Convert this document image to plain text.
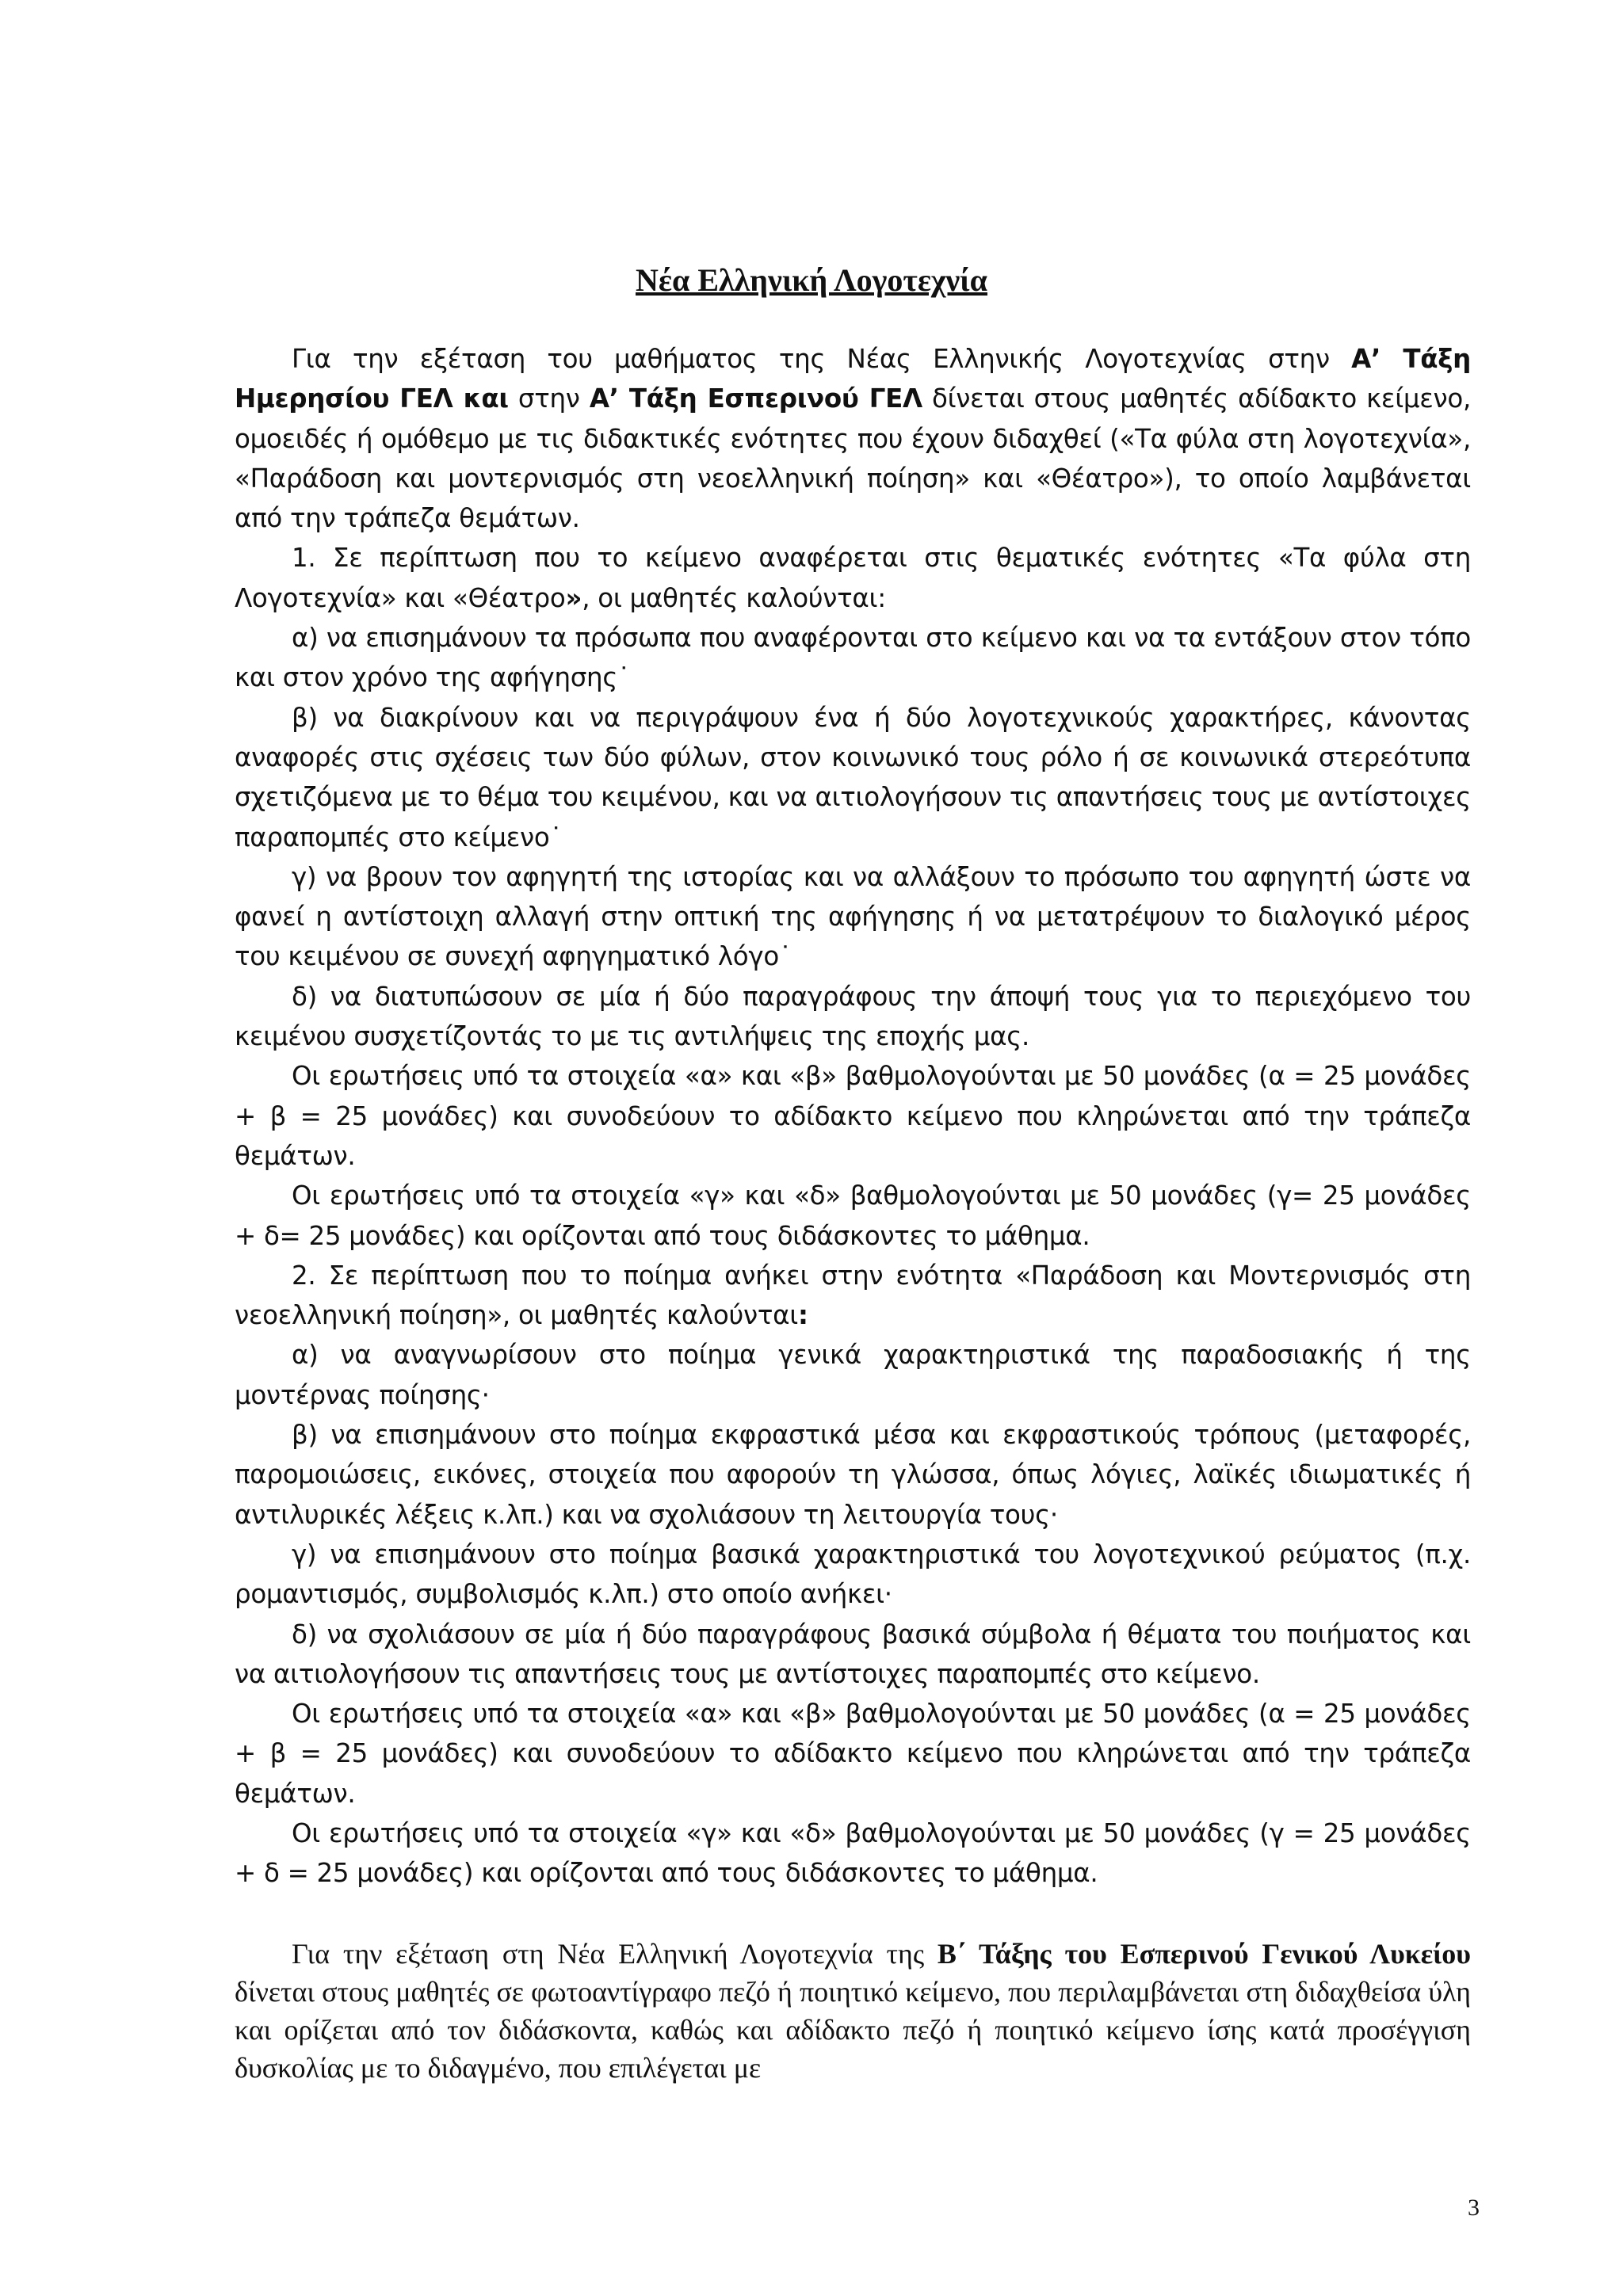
Νέα Ελληνική Λογοτεχνία

Για την εξέταση του μαθήματος της Νέας Ελληνικής Λογοτεχνίας στην Α’ Τάξη Ημερησίου ΓΕΛ και στην Α’ Τάξη Εσπερινού ΓΕΛ δίνεται στους μαθητές αδίδακτο κείμενο, ομοειδές ή ομόθεμο με τις διδακτικές ενότητες που έχουν διδαχθεί («Τα φύλα στη λογοτεχνία», «Παράδοση και μοντερνισμός στη νεοελληνική ποίηση» και «Θέατρο»), το οποίο λαμβάνεται από την τράπεζα θεμάτων.

1. Σε περίπτωση που το κείμενο αναφέρεται στις θεματικές ενότητες «Τα φύλα στη Λογοτεχνία» και «Θέατρο», οι μαθητές καλούνται:

α) να επισημάνουν τα πρόσωπα που αναφέρονται στο κείμενο και να τα εντάξουν στον τόπο και στον χρόνο της αφήγησης˙

β) να διακρίνουν και να περιγράψουν ένα ή δύο λογοτεχνικούς χαρακτήρες, κάνοντας αναφορές στις σχέσεις των δύο φύλων, στον κοινωνικό τους ρόλο ή σε κοινωνικά στερεότυπα σχετιζόμενα με το θέμα του κειμένου, και να αιτιολογήσουν τις απαντήσεις τους με αντίστοιχες παραπομπές στο κείμενο˙

γ) να βρουν τον αφηγητή της ιστορίας και να αλλάξουν το πρόσωπο του αφηγητή ώστε να φανεί η αντίστοιχη αλλαγή στην οπτική της αφήγησης ή να μετατρέψουν το διαλογικό μέρος του κειμένου σε συνεχή αφηγηματικό λόγο˙

δ) να διατυπώσουν σε μία ή δύο παραγράφους την άποψή τους για το περιεχόμενο του κειμένου συσχετίζοντάς το με τις αντιλήψεις της εποχής μας.

Οι ερωτήσεις υπό τα στοιχεία «α» και «β» βαθμολογούνται με 50 μονάδες (α = 25 μονάδες + β = 25 μονάδες) και συνοδεύουν το αδίδακτο κείμενο που κληρώνεται από την τράπεζα θεμάτων.

Οι ερωτήσεις υπό τα στοιχεία «γ» και «δ» βαθμολογούνται με 50 μονάδες (γ= 25 μονάδες + δ= 25 μονάδες) και ορίζονται από τους διδάσκοντες το μάθημα.

2. Σε περίπτωση που το ποίημα ανήκει στην ενότητα «Παράδοση και Μοντερνισμός στη νεοελληνική ποίηση», οι μαθητές καλούνται:

α) να αναγνωρίσουν στο ποίημα γενικά χαρακτηριστικά της παραδοσιακής ή της μοντέρνας ποίησης·

β) να επισημάνουν στο ποίημα εκφραστικά μέσα και εκφραστικούς τρόπους (μεταφορές, παρομοιώσεις, εικόνες, στοιχεία που αφορούν τη γλώσσα, όπως λόγιες, λαϊκές ιδιωματικές ή αντιλυρικές λέξεις κ.λπ.) και να σχολιάσουν τη λειτουργία τους·

γ) να επισημάνουν στο ποίημα βασικά χαρακτηριστικά του λογοτεχνικού ρεύματος (π.χ. ρομαντισμός, συμβολισμός κ.λπ.) στο οποίο ανήκει·

δ) να σχολιάσουν σε μία ή δύο παραγράφους βασικά σύμβολα ή θέματα του ποιήματος και να αιτιολογήσουν τις απαντήσεις τους με αντίστοιχες παραπομπές στο κείμενο.

Οι ερωτήσεις υπό τα στοιχεία «α» και «β» βαθμολογούνται με 50 μονάδες (α = 25 μονάδες + β = 25 μονάδες) και συνοδεύουν το αδίδακτο κείμενο που κληρώνεται από την τράπεζα θεμάτων.

Οι ερωτήσεις υπό τα στοιχεία «γ» και «δ» βαθμολογούνται με 50 μονάδες (γ = 25 μονάδες + δ = 25 μονάδες) και ορίζονται από τους διδάσκοντες το μάθημα.

Για την εξέταση στη Νέα Ελληνική Λογοτεχνία της Β΄ Τάξης του Εσπερινού Γενικού Λυκείου δίνεται στους μαθητές σε φωτοαντίγραφο πεζό ή ποιητικό κείμενο, που περιλαμβάνεται στη διδαχθείσα ύλη και ορίζεται από τον διδάσκοντα, καθώς και αδίδακτο πεζό ή ποιητικό κείμενο ίσης κατά προσέγγιση δυσκολίας με το διδαγμένο, που επιλέγεται με

3
